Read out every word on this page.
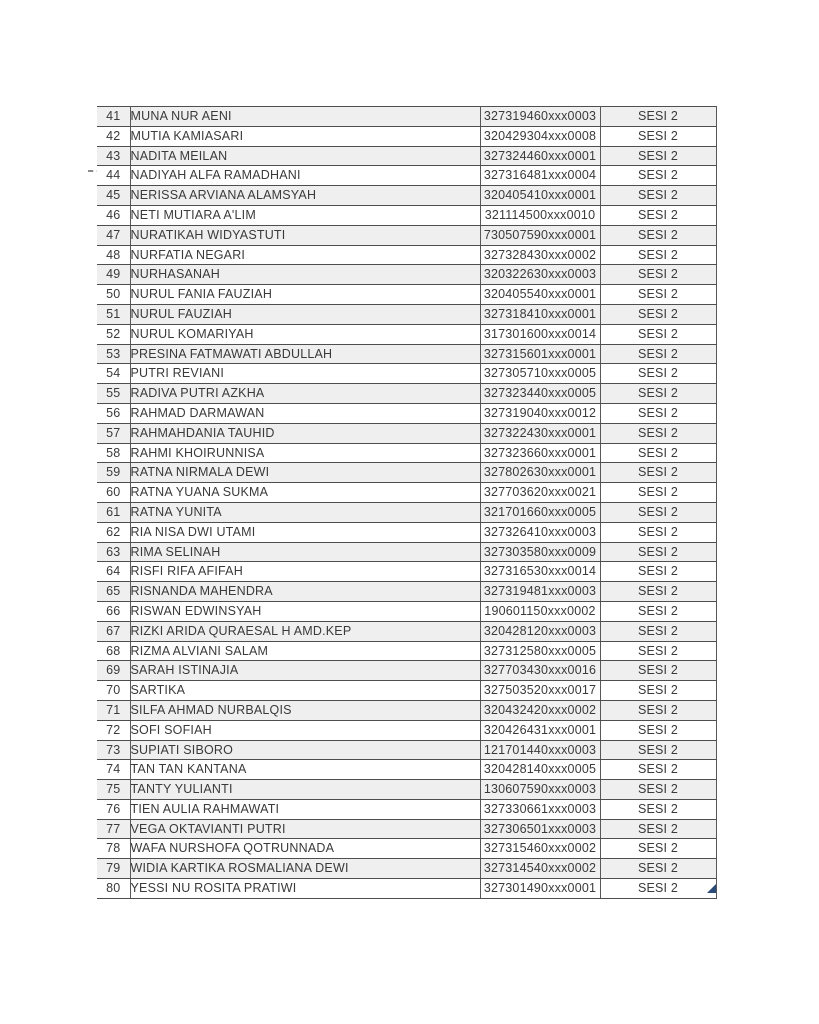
41	MUNA NUR AENI	327319460xxx0003	SESI 2
42	MUTIA KAMIASARI	320429304xxx0008	SESI 2
43	NADITA MEILAN	327324460xxx0001	SESI 2
44	NADIYAH ALFA RAMADHANI	327316481xxx0004	SESI 2
45	NERISSA ARVIANA ALAMSYAH	320405410xxx0001	SESI 2
46	NETI MUTIARA A'LIM	321114500xxx0010	SESI 2
47	NURATIKAH WIDYASTUTI	730507590xxx0001	SESI 2
48	NURFATIA NEGARI	327328430xxx0002	SESI 2
49	NURHASANAH	320322630xxx0003	SESI 2
50	NURUL FANIA FAUZIAH	320405540xxx0001	SESI 2
51	NURUL FAUZIAH	327318410xxx0001	SESI 2
52	NURUL KOMARIYAH	317301600xxx0014	SESI 2
53	PRESINA FATMAWATI ABDULLAH	327315601xxx0001	SESI 2
54	PUTRI REVIANI	327305710xxx0005	SESI 2
55	RADIVA PUTRI AZKHA	327323440xxx0005	SESI 2
56	RAHMAD DARMAWAN	327319040xxx0012	SESI 2
57	RAHMAHDANIA TAUHID	327322430xxx0001	SESI 2
58	RAHMI KHOIRUNNISA	327323660xxx0001	SESI 2
59	RATNA NIRMALA DEWI	327802630xxx0001	SESI 2
60	RATNA YUANA SUKMA	327703620xxx0021	SESI 2
61	RATNA YUNITA	321701660xxx0005	SESI 2
62	RIA NISA DWI UTAMI	327326410xxx0003	SESI 2
63	RIMA SELINAH	327303580xxx0009	SESI 2
64	RISFI RIFA AFIFAH	327316530xxx0014	SESI 2
65	RISNANDA MAHENDRA	327319481xxx0003	SESI 2
66	RISWAN EDWINSYAH	190601150xxx0002	SESI 2
67	RIZKI ARIDA QURAESAL H AMD.KEP	320428120xxx0003	SESI 2
68	RIZMA ALVIANI SALAM	327312580xxx0005	SESI 2
69	SARAH ISTINAJIA	327703430xxx0016	SESI 2
70	SARTIKA	327503520xxx0017	SESI 2
71	SILFA AHMAD NURBALQIS	320432420xxx0002	SESI 2
72	SOFI SOFIAH	320426431xxx0001	SESI 2
73	SUPIATI SIBORO	121701440xxx0003	SESI 2
74	TAN TAN KANTANA	320428140xxx0005	SESI 2
75	TANTY YULIANTI	130607590xxx0003	SESI 2
76	TIEN AULIA RAHMAWATI	327330661xxx0003	SESI 2
77	VEGA OKTAVIANTI PUTRI	327306501xxx0003	SESI 2
78	WAFA NURSHOFA QOTRUNNADA	327315460xxx0002	SESI 2
79	WIDIA KARTIKA ROSMALIANA DEWI	327314540xxx0002	SESI 2
80	YESSI NU ROSITA PRATIWI	327301490xxx0001	SESI 2
